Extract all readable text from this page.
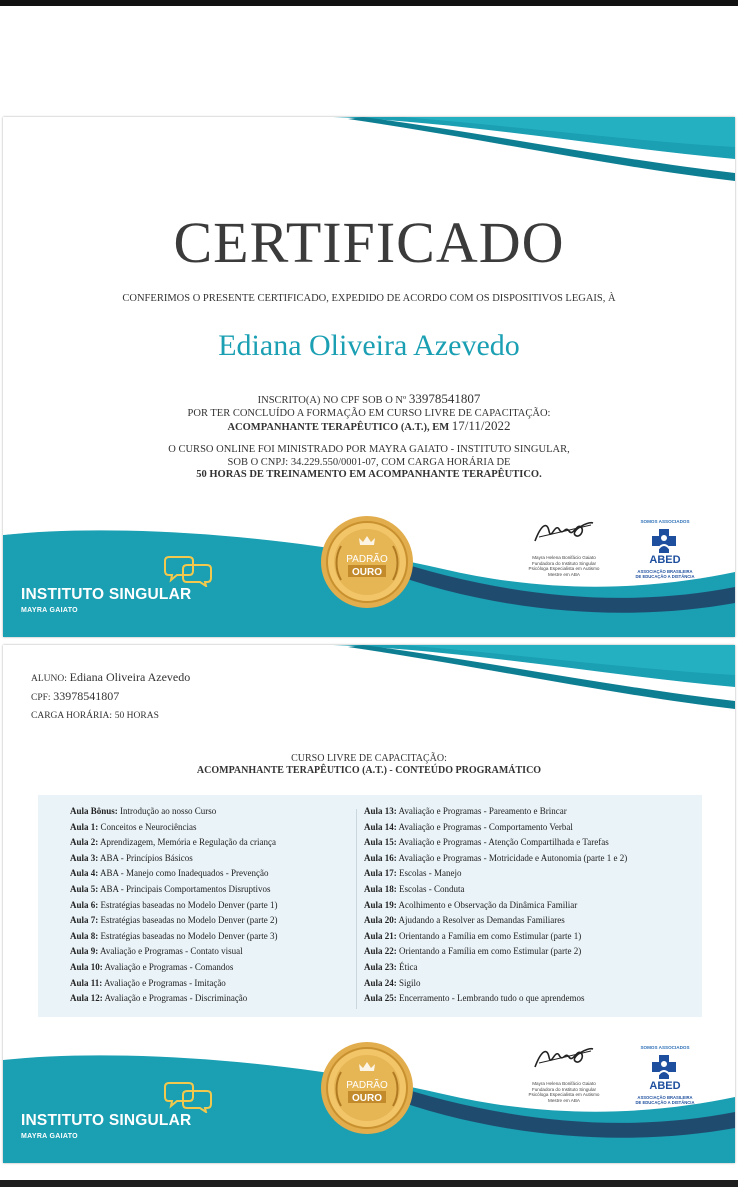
CERTIFICADO
CONFERIMOS O PRESENTE CERTIFICADO, EXPEDIDO DE ACORDO COM OS DISPOSITIVOS LEGAIS, À
Ediana Oliveira Azevedo
INSCRITO(A) NO CPF SOB O Nº 33978541807
POR TER CONCLUÍDO A FORMAÇÃO EM CURSO LIVRE DE CAPACITAÇÃO:
ACOMPANHANTE TERAPÊUTICO (A.T.), EM 17/11/2022
O CURSO ONLINE FOI MINISTRADO POR MAYRA GAIATO - INSTITUTO SINGULAR,
SOB O CNPJ: 34.229.550/0001-07, COM CARGA HORÁRIA DE
50 HORAS DE TREINAMENTO EM ACOMPANHANTE TERAPÊUTICO.
PADRÃO
OURO
INSTITUTO SINGULAR
MAYRA GAIATO
Mayra Helena Bonifácio Gaiato
Fundadora do Instituto Singular
Psicóloga Especialista em Autismo
Mestre em ABA
SOMOS ASSOCIADOS
ABED
ASSOCIAÇÃO BRASILEIRA
DE EDUCAÇÃO A DISTÂNCIA
ALUNO: Ediana Oliveira Azevedo
CPF: 33978541807
CARGA HORÁRIA: 50 HORAS
CURSO LIVRE DE CAPACITAÇÃO:
ACOMPANHANTE TERAPÊUTICO (A.T.) - CONTEÚDO PROGRAMÁTICO
Aula Bônus: Introdução ao nosso Curso
Aula 1: Conceitos e Neurociências
Aula 2: Aprendizagem, Memória e Regulação da criança
Aula 3: ABA - Princípios Básicos
Aula 4: ABA - Manejo como Inadequados - Prevenção
Aula 5: ABA - Principais Comportamentos Disruptivos
Aula 6: Estratégias baseadas no Modelo Denver (parte 1)
Aula 7: Estratégias baseadas no Modelo Denver (parte 2)
Aula 8: Estratégias baseadas no Modelo Denver (parte 3)
Aula 9: Avaliação e Programas - Contato visual
Aula 10: Avaliação e Programas - Comandos
Aula 11: Avaliação e Programas - Imitação
Aula 12: Avaliação e Programas - Discriminação
Aula 13: Avaliação e Programas - Pareamento e Brincar
Aula 14: Avaliação e Programas - Comportamento Verbal
Aula 15: Avaliação e Programas - Atenção Compartilhada e Tarefas
Aula 16: Avaliação e Programas - Motricidade e Autonomia (parte 1 e 2)
Aula 17: Escolas - Manejo
Aula 18: Escolas - Conduta
Aula 19: Acolhimento e Observação da Dinâmica Familiar
Aula 20: Ajudando a Resolver as Demandas Familiares
Aula 21: Orientando a Família em como Estimular (parte 1)
Aula 22: Orientando a Família em como Estimular (parte 2)
Aula 23: Ética
Aula 24: Sigilo
Aula 25: Encerramento - Lembrando tudo o que aprendemos
PADRÃO
OURO
INSTITUTO SINGULAR
MAYRA GAIATO
Mayra Helena Bonifácio Gaiato
Fundadora do Instituto Singular
Psicóloga Especialista em Autismo
Mestre em ABA
SOMOS ASSOCIADOS
ABED
ASSOCIAÇÃO BRASILEIRA
DE EDUCAÇÃO A DISTÂNCIA
